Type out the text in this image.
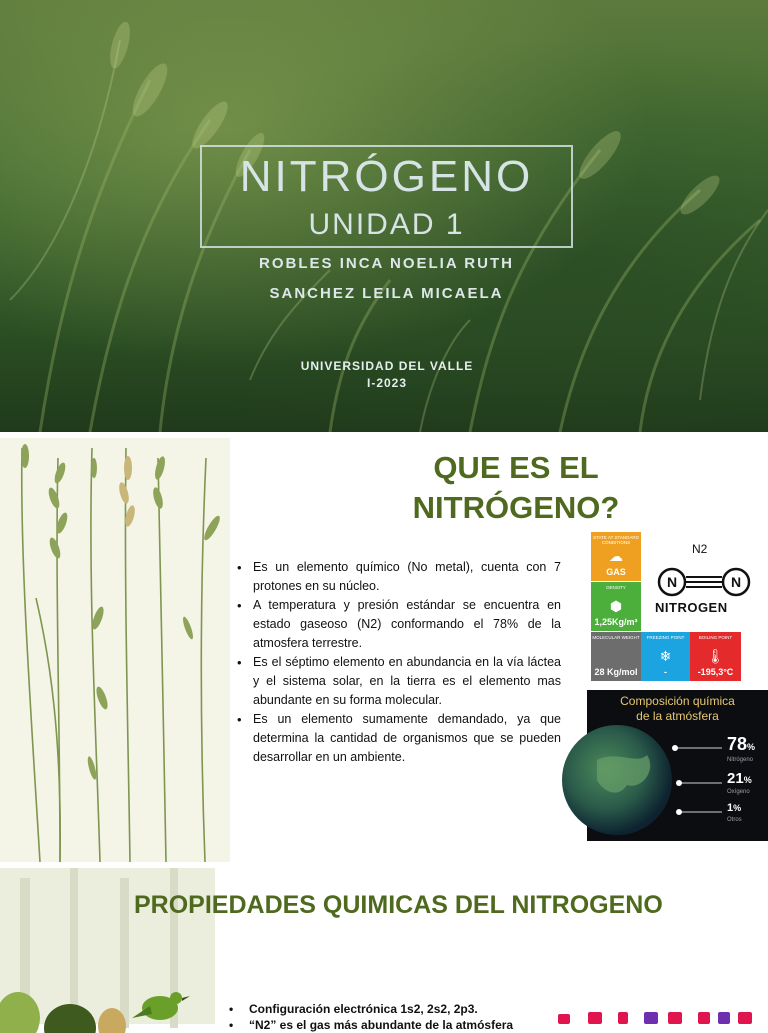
NITRÓGENO
UNIDAD 1
ROBLES INCA NOELIA RUTH
SANCHEZ LEILA MICAELA
UNIVERSIDAD DEL VALLE
I-2023
QUE ES EL
NITRÓGENO?
• Es un elemento químico (No metal), cuenta con 7 protones en su núcleo.
• A temperatura y presión estándar se encuentra en estado gaseoso (N2) conformando el 78% de la atmosfera terrestre.
• Es el séptimo elemento en abundancia en la vía láctea y el sistema solar, en la tierra es el elemento mas abundante en su forma molecular.
• Es un elemento sumamente demandado, ya que determina la cantidad de organismos que se pueden desarrollar en un ambiente.
STATE AT STANDARD CONDITIONS
☁
GAS
DENSITY
⬢
1,25Kg/m³
MOLECULAR WEIGHT
28 Kg/mol
FREEZING POINT
❄
-
BOILING POINT
🌡
-195,3°C
N2
N	N
NITROGEN
Composición química
de la atmósfera
78%
Nitrógeno
21%
Oxígeno
1%
Otros
PROPIEDADES QUIMICAS DEL NITROGENO
• Configuración electrónica 1s2, 2s2, 2p3.
• “N2” es el gas más abundante de la atmósfera
